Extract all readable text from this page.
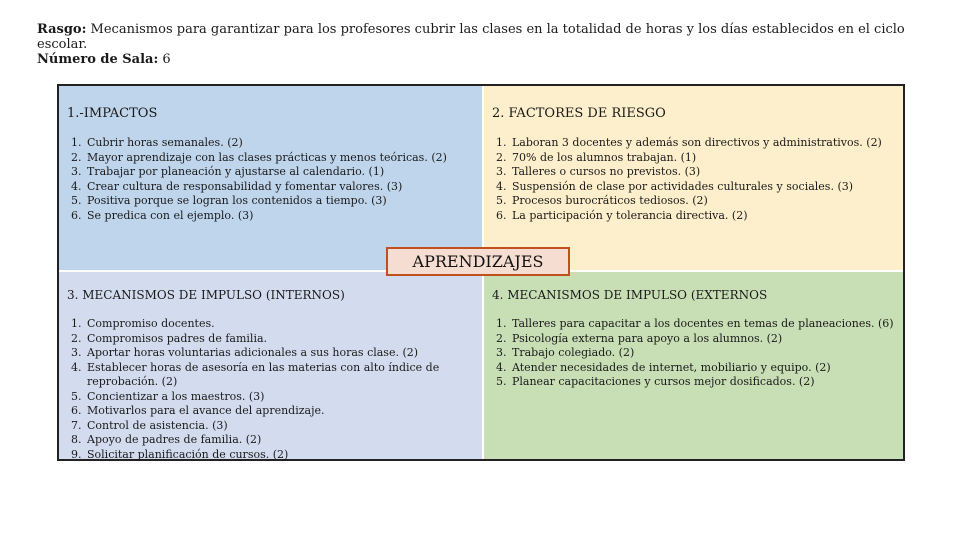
Rasgo: Mecanismos para garantizar para los profesores cubrir las clases en la totalidad de horas y los días establecidos en el ciclo escolar.
Número de Sala: 6

1.-IMPACTOS

1. Cubrir horas semanales. (2)
2. Mayor aprendizaje con las clases prácticas y menos teóricas. (2)
3. Trabajar por planeación y ajustarse al calendario. (1)
4. Crear cultura de responsabilidad y fomentar valores. (3)
5. Positiva porque se logran los contenidos a tiempo. (3)
6. Se predica con el ejemplo. (3)

2. FACTORES DE RIESGO

1. Laboran 3 docentes y además son directivos y administrativos. (2)
2. 70% de los alumnos trabajan. (1)
3. Talleres o cursos no previstos. (3)
4. Suspensión de clase por actividades culturales y sociales. (3)
5. Procesos burocráticos tediosos. (2)
6. La participación y tolerancia directiva. (2)

3. MECANISMOS DE IMPULSO (INTERNOS)

1. Compromiso docentes.
2. Compromisos padres de familia.
3. Aportar horas voluntarias adicionales a sus horas clase. (2)
4. Establecer horas de asesoría en las materias con alto índice de reprobación. (2)
5. Concientizar a los maestros. (3)
6. Motivarlos para el avance del aprendizaje.
7. Control de asistencia. (3)
8. Apoyo de padres de familia. (2)
9. Solicitar planificación de cursos. (2)

4. MECANISMOS DE IMPULSO (EXTERNOS

1. Talleres para capacitar a los docentes en temas de planeaciones. (6)
2. Psicología externa para apoyo a los alumnos. (2)
3. Trabajo colegiado. (2)
4. Atender necesidades de internet, mobiliario y equipo. (2)
5. Planear capacitaciones y cursos mejor dosificados. (2)
APRENDIZAJES
